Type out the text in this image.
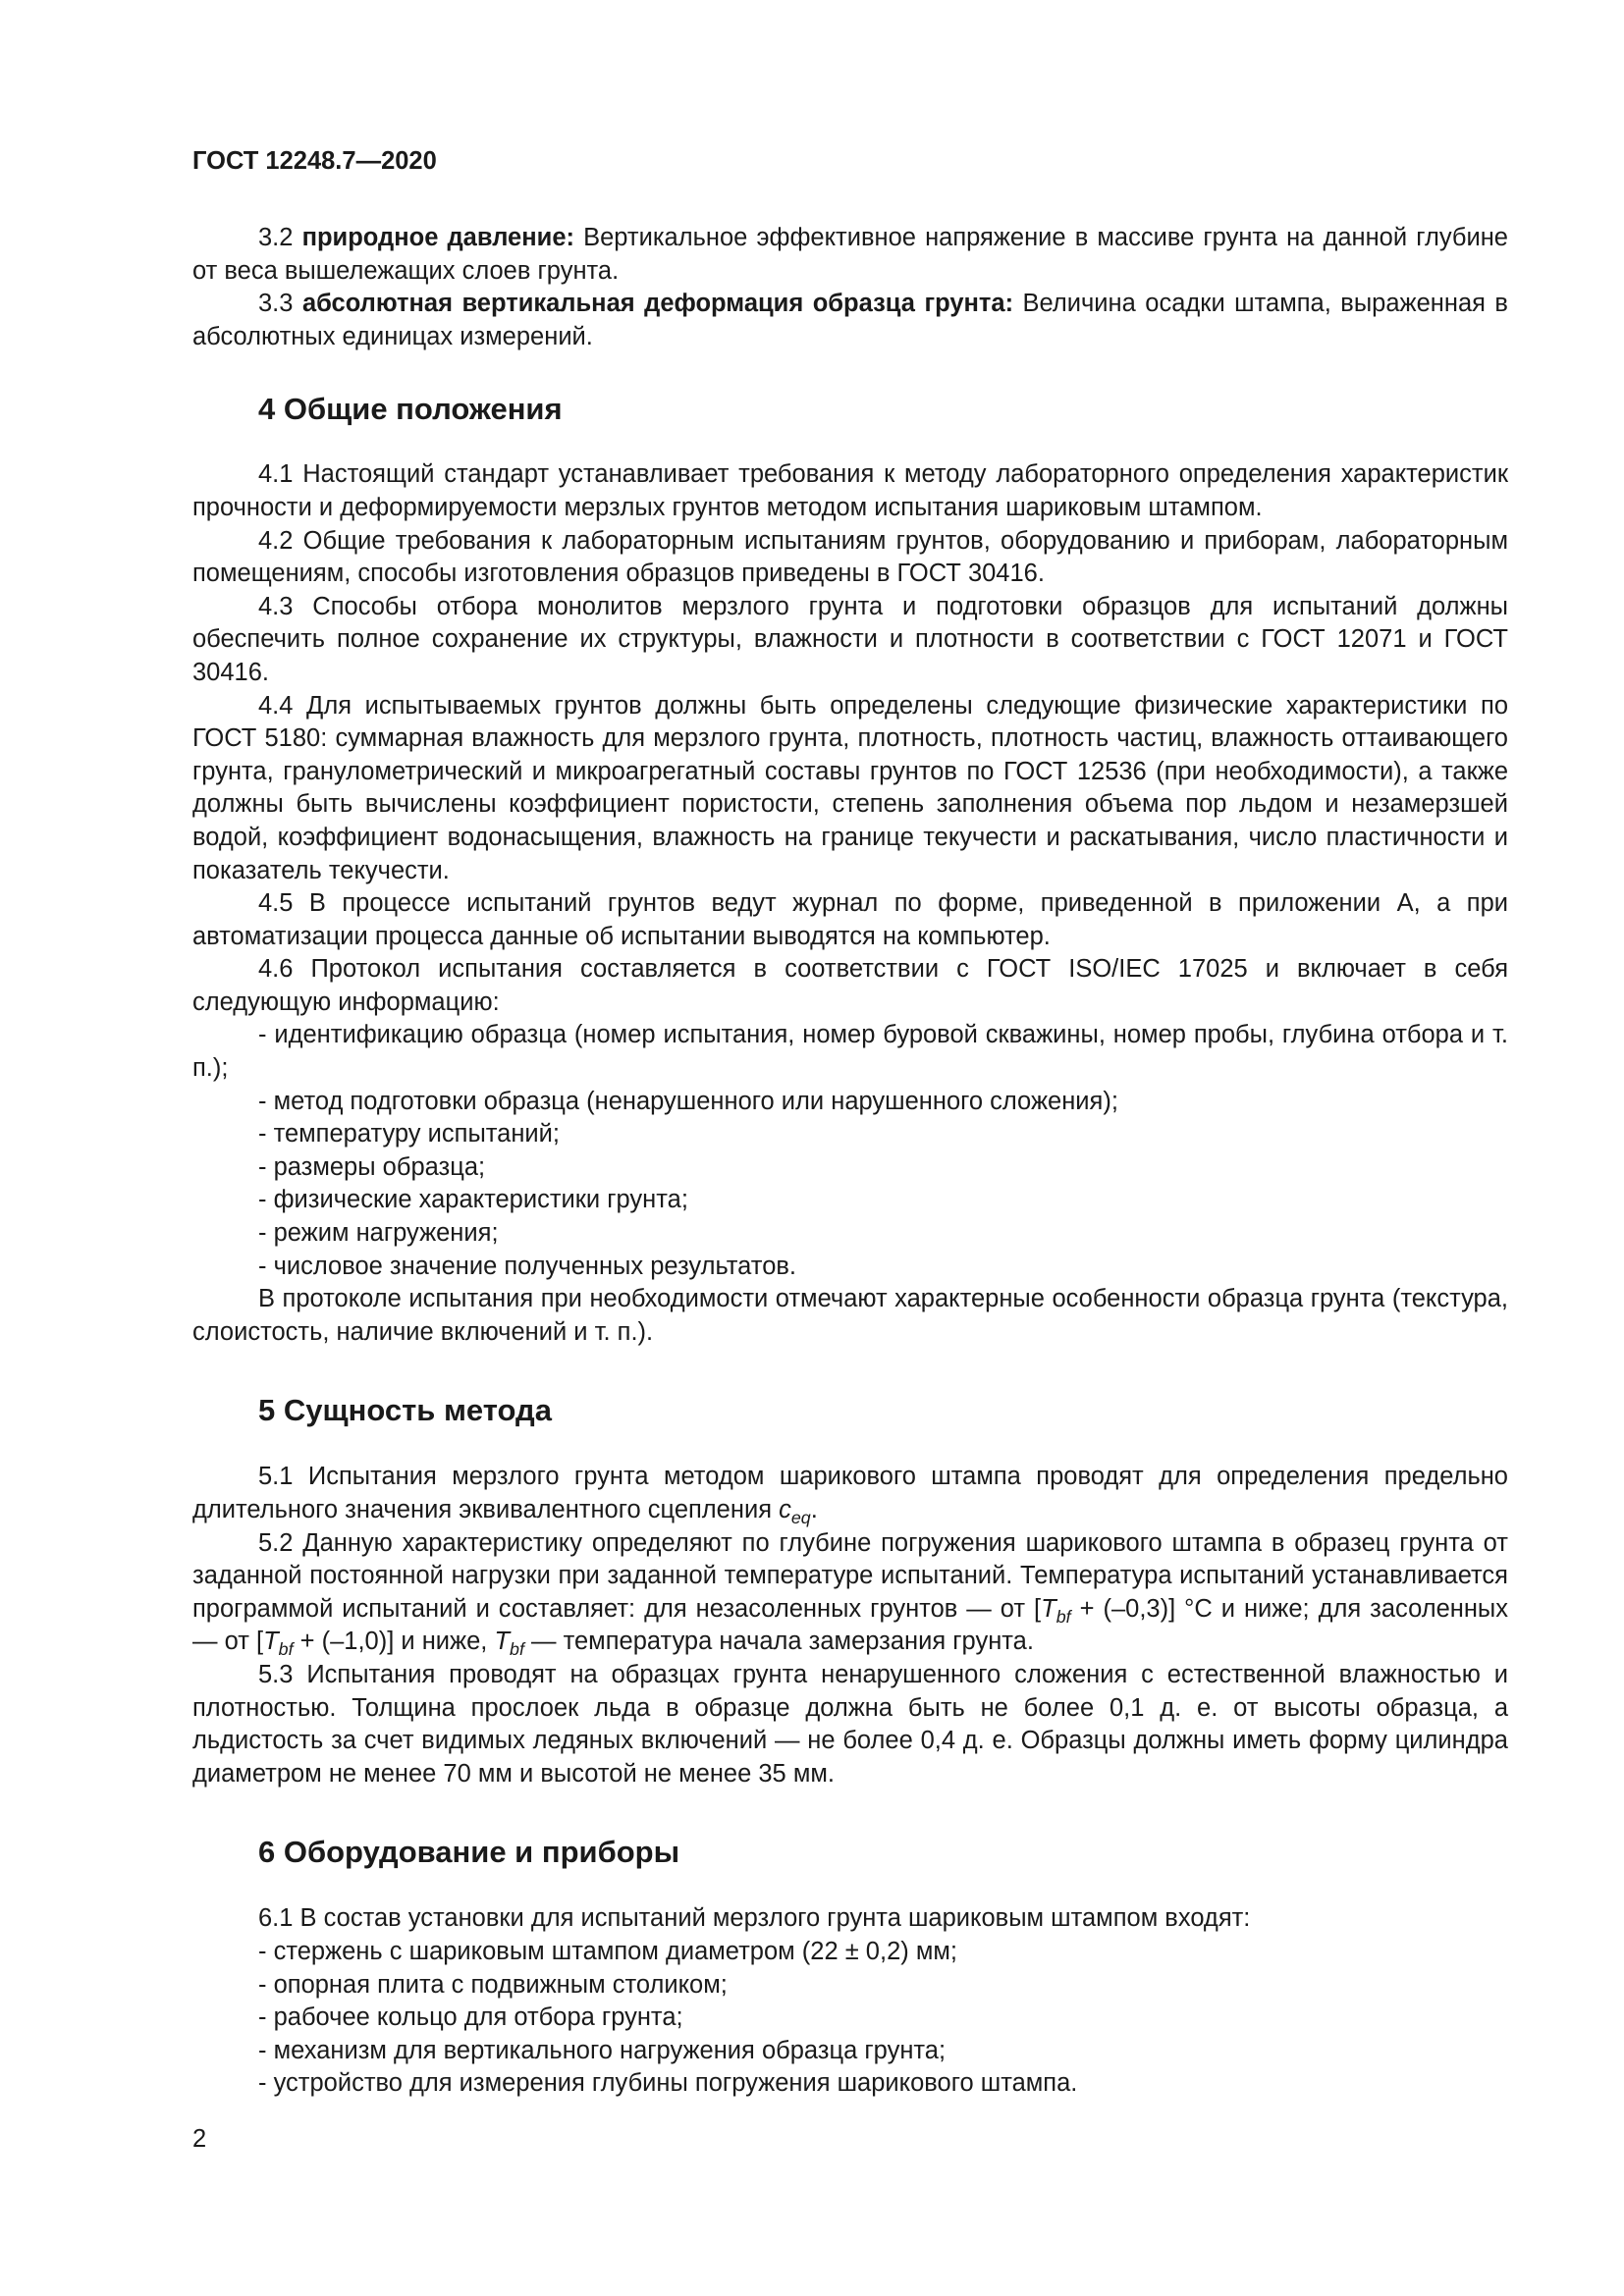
ГОСТ 12248.7—2020

3.2 природное давление: Вертикальное эффективное напряжение в массиве грунта на данной глубине от веса вышележащих слоев грунта.

3.3 абсолютная вертикальная деформация образца грунта: Величина осадки штампа, выраженная в абсолютных единицах измерений.

4 Общие положения

4.1 Настоящий стандарт устанавливает требования к методу лабораторного определения характеристик прочности и деформируемости мерзлых грунтов методом испытания шариковым штампом.

4.2 Общие требования к лабораторным испытаниям грунтов, оборудованию и приборам, лабораторным помещениям, способы изготовления образцов приведены в ГОСТ 30416.

4.3 Способы отбора монолитов мерзлого грунта и подготовки образцов для испытаний должны обеспечить полное сохранение их структуры, влажности и плотности в соответствии с ГОСТ 12071 и ГОСТ 30416.

4.4 Для испытываемых грунтов должны быть определены следующие физические характеристики по ГОСТ 5180: суммарная влажность для мерзлого грунта, плотность, плотность частиц, влажность оттаивающего грунта, гранулометрический и микроагрегатный составы грунтов по ГОСТ 12536 (при необходимости), а также должны быть вычислены коэффициент пористости, степень заполнения объема пор льдом и незамерзшей водой, коэффициент водонасыщения, влажность на границе текучести и раскатывания, число пластичности и показатель текучести.

4.5 В процессе испытаний грунтов ведут журнал по форме, приведенной в приложении А, а при автоматизации процесса данные об испытании выводятся на компьютер.

4.6 Протокол испытания составляется в соответствии с ГОСТ ISO/IEC 17025 и включает в себя следующую информацию:

- идентификацию образца (номер испытания, номер буровой скважины, номер пробы, глубина отбора и т. п.);

- метод подготовки образца (ненарушенного или нарушенного сложения);

- температуру испытаний;

- размеры образца;

- физические характеристики грунта;

- режим нагружения;

- числовое значение полученных результатов.

В протоколе испытания при необходимости отмечают характерные особенности образца грунта (текстура, слоистость, наличие включений и т. п.).

5 Сущность метода

5.1 Испытания мерзлого грунта методом шарикового штампа проводят для определения предельно длительного значения эквивалентного сцепления $c_{eq}$.

5.2 Данную характеристику определяют по глубине погружения шарикового штампа в образец грунта от заданной постоянной нагрузки при заданной температуре испытаний. Температура испытаний устанавливается программой испытаний и составляет: для незасоленных грунтов — от $[T_{bf} + (-0,3)]$ °С и ниже; для засоленных — от $[T_{bf} + (-1,0)]$ и ниже, $T_{bf}$ — температура начала замерзания грунта.

5.3 Испытания проводят на образцах грунта ненарушенного сложения с естественной влажностью и плотностью. Толщина прослоек льда в образце должна быть не более 0,1 д. е. от высоты образца, а льдистость за счет видимых ледяных включений — не более 0,4 д. е. Образцы должны иметь форму цилиндра диаметром не менее 70 мм и высотой не менее 35 мм.

6 Оборудование и приборы

6.1 В состав установки для испытаний мерзлого грунта шариковым штампом входят:

- стержень с шариковым штампом диаметром (22 ± 0,2) мм;

- опорная плита с подвижным столиком;

- рабочее кольцо для отбора грунта;

- механизм для вертикального нагружения образца грунта;

- устройство для измерения глубины погружения шарикового штампа.

2
